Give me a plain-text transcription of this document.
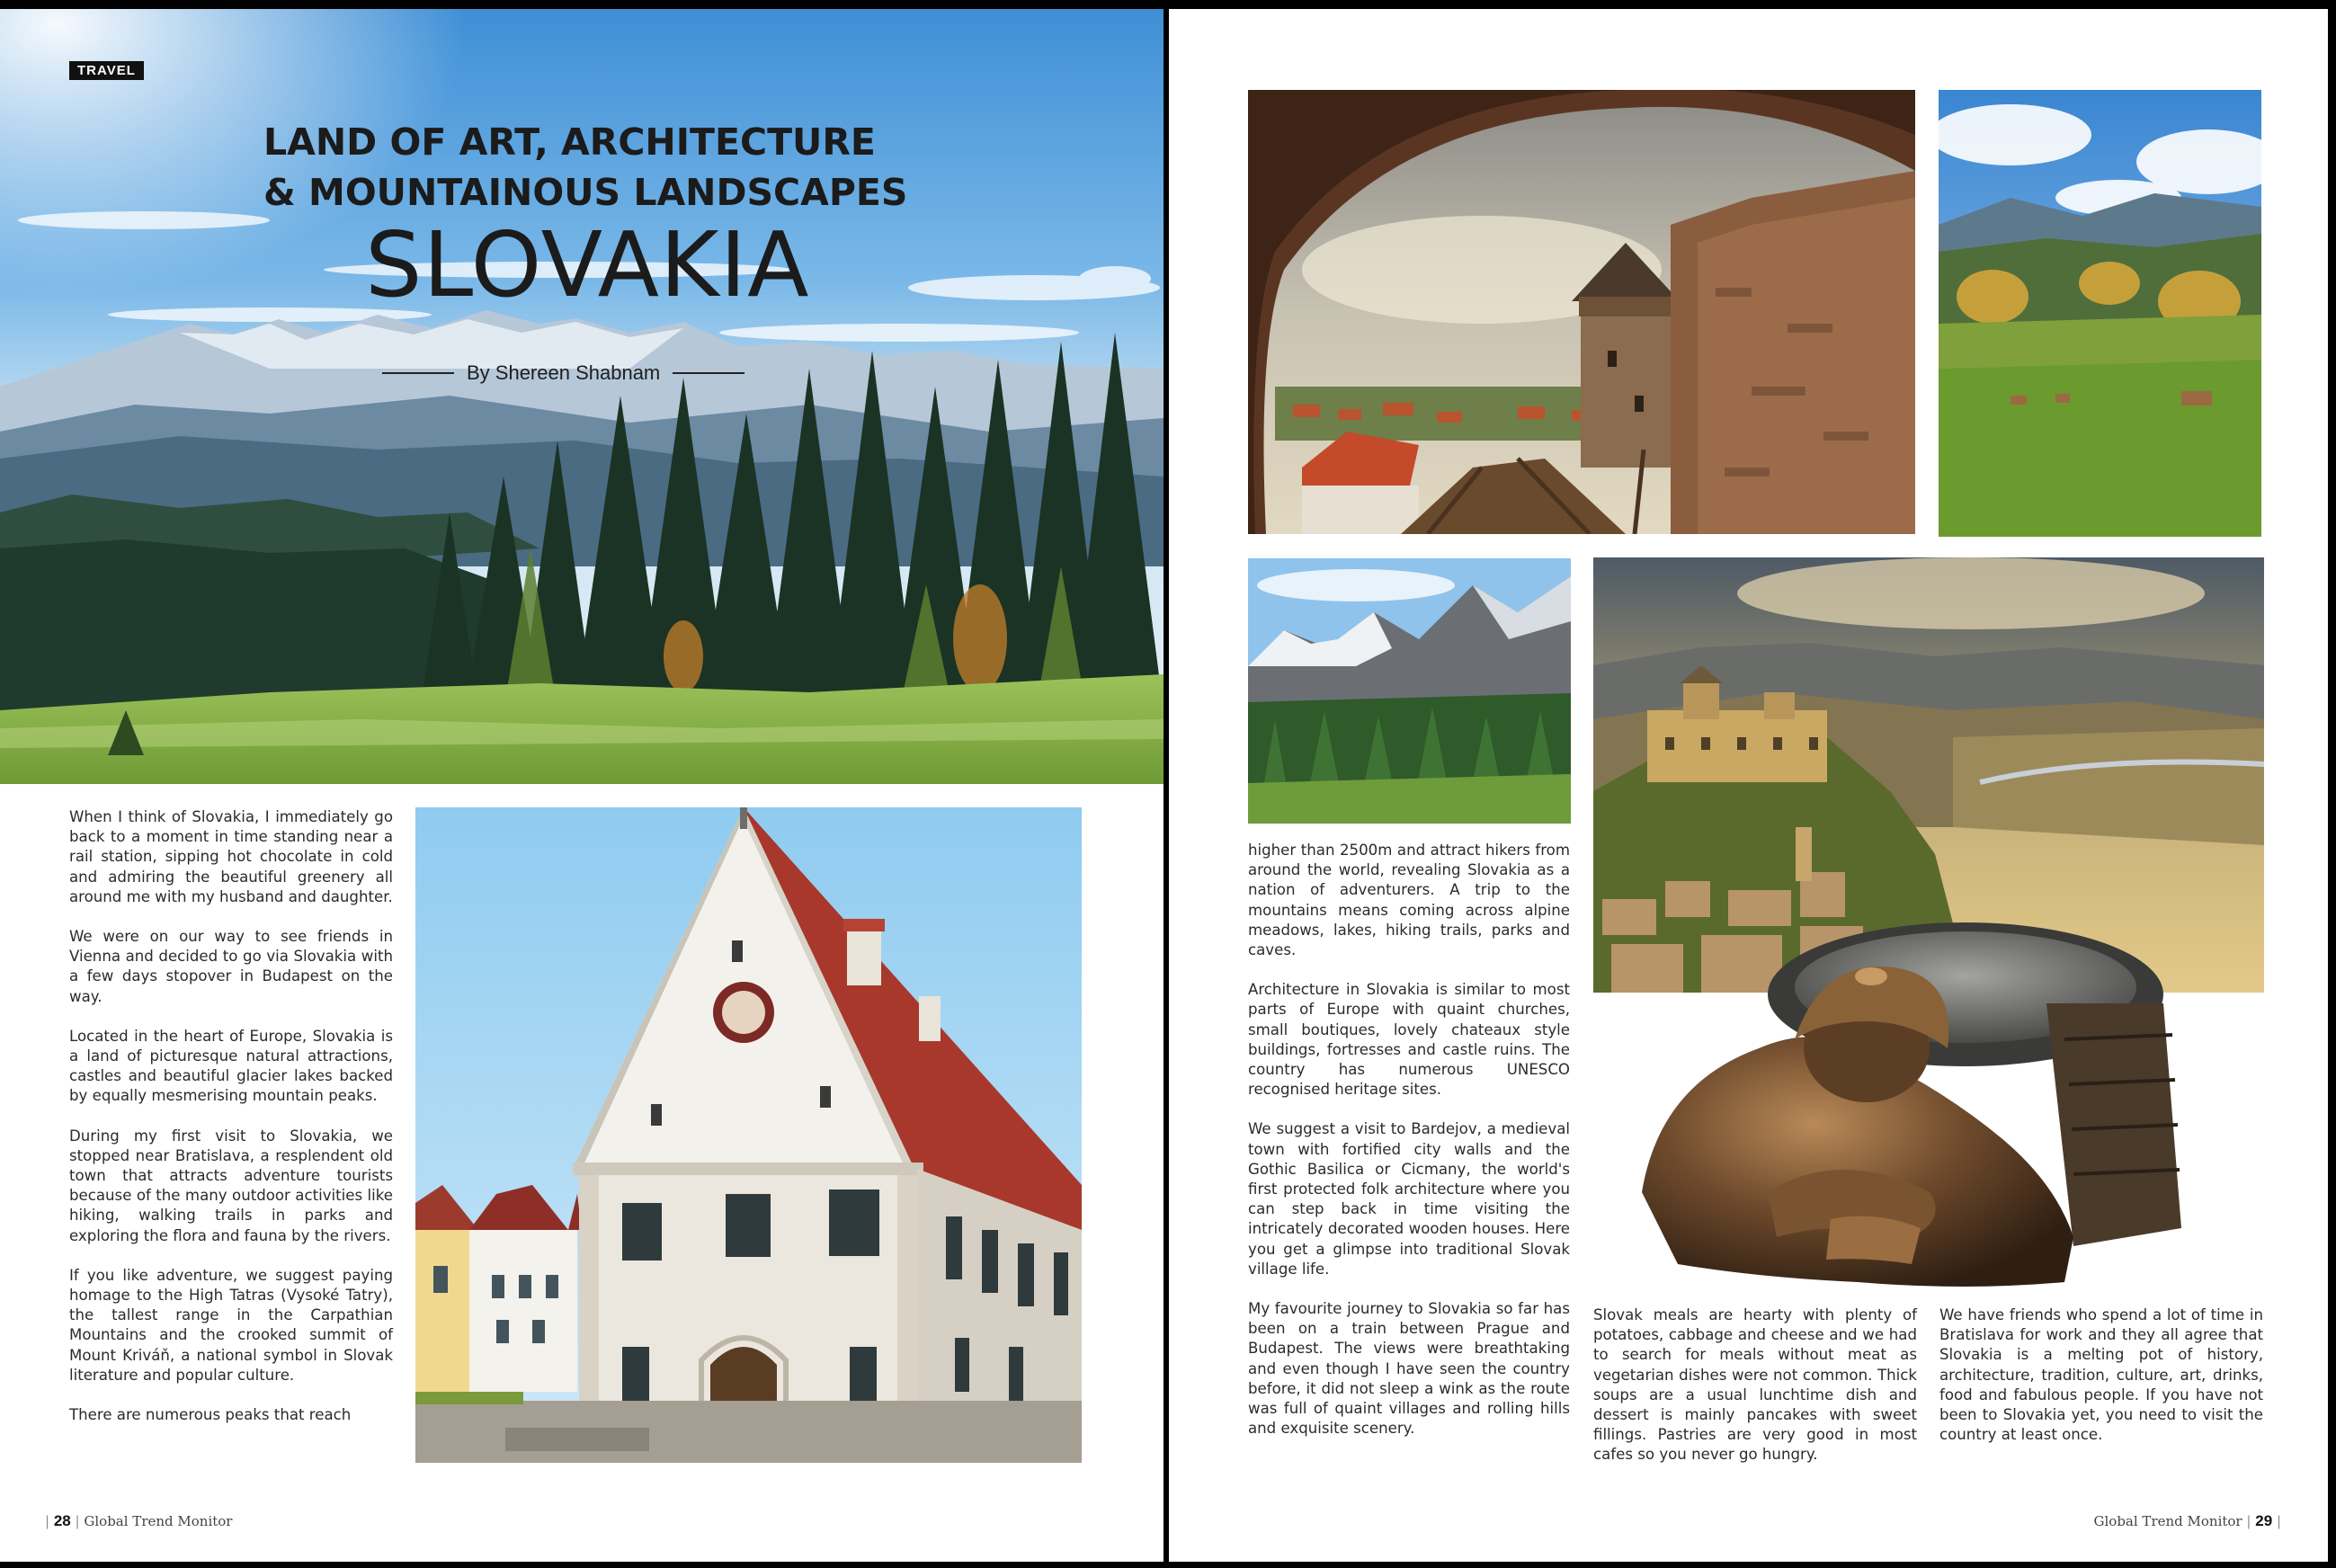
TRAVEL
LAND OF ART, ARCHITECTURE
& MOUNTAINOUS LANDSCAPES
SLOVAKIA
By Shereen Shabnam

When I think of Slovakia, I immediately go back to a moment in time standing near a rail station, sipping hot chocolate in cold and admiring the beautiful greenery all around me with my husband and daughter.

We were on our way to see friends in Vienna and decided to go via Slovakia with a few days stopover in Budapest on the way.

Located in the heart of Europe, Slovakia is a land of picturesque natural attractions, castles and beautiful glacier lakes backed by equally mesmerising mountain peaks.

During my first visit to Slovakia, we stopped near Bratislava, a resplendent old town that attracts adventure tourists because of the many outdoor activities like hiking, walking trails in parks and exploring the flora and fauna by the rivers.

If you like adventure, we suggest paying homage to the High Tatras (Vysoké Tatry), the tallest range in the Carpathian Mountains and the crooked summit of Mount Kriváň, a national symbol in Slovak literature and popular culture.

There are numerous peaks that reach

| 28 | Global Trend Monitor

higher than 2500m and attract hikers from around the world, revealing Slovakia as a nation of adventurers. A trip to the mountains means coming across alpine meadows, lakes, hiking trails, parks and caves.

Architecture in Slovakia is similar to most parts of Europe with quaint churches, small boutiques, lovely chateaux style buildings, fortresses and castle ruins. The country has numerous UNESCO recognised heritage sites.

We suggest a visit to Bardejov, a medieval town with fortified city walls and the Gothic Basilica or Cicmany, the world's first protected folk architecture where you can step back in time visiting the intricately decorated wooden houses. Here you get a glimpse into traditional Slovak village life.

My favourite journey to Slovakia so far has been on a train between Prague and Budapest. The views were breathtaking and even though I have seen the country before, it did not sleep a wink as the route was full of quaint villages and rolling hills and exquisite scenery.

Slovak meals are hearty with plenty of potatoes, cabbage and cheese and we had to search for meals without meat as vegetarian dishes were not common. Thick soups are a usual lunchtime dish and dessert is mainly pancakes with sweet fillings. Pastries are very good in most cafes so you never go hungry.

We have friends who spend a lot of time in Bratislava for work and they all agree that Slovakia is a melting pot of history, architecture, tradition, culture, art, drinks, food and fabulous people. If you have not been to Slovakia yet, you need to visit the country at least once.

Global Trend Monitor | 29 |
